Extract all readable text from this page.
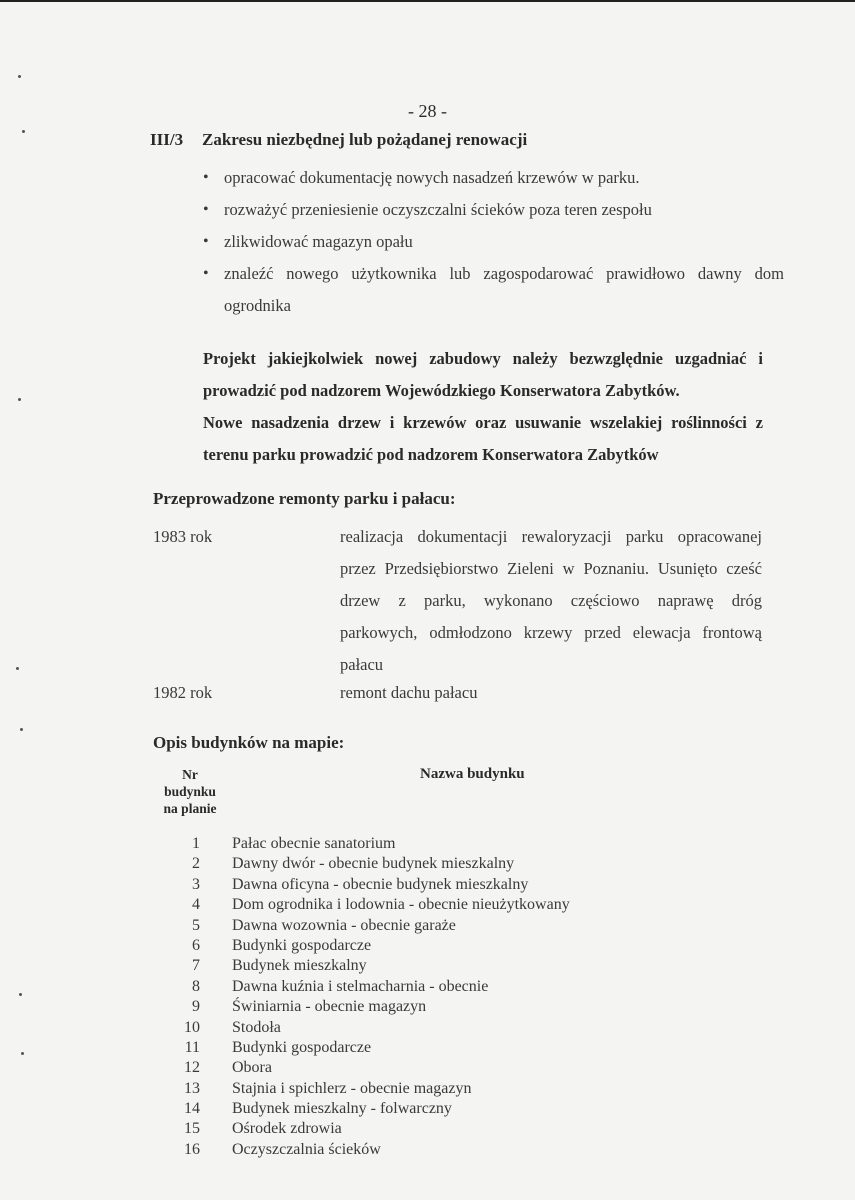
- 28 -
III/3 Zakresu niezbędnej lub pożądanej renowacji
• opracować dokumentację nowych nasadzeń krzewów w parku.
• rozważyć przeniesienie oczyszczalni ścieków poza teren zespołu
• zlikwidować magazyn opału
• znaleźć nowego użytkownika lub zagospodarować prawidłowo dawny dom ogrodnika

Projekt jakiejkolwiek nowej zabudowy należy bezwzględnie uzgadniać i

prowadzić pod nadzorem Wojewódzkiego Konserwatora Zabytków.

Nowe nasadzenia drzew i krzewów oraz usuwanie wszelakiej roślinności z

terenu parku prowadzić pod nadzorem Konserwatora Zabytków

Przeprowadzone remonty parku i pałacu:
1983 rok	realizacja dokumentacji rewaloryzacji parku opracowanej
przez Przedsiębiorstwo Zieleni w Poznaniu. Usunięto cześć
drzew z parku, wykonano częściowo naprawę dróg
parkowych, odmłodzono krzewy przed elewacja frontową
pałacu
1982 rok	remont dachu pałacu
Opis budynków na mapie:
Nr
budynku
na planie
Nazwa budynku
1 Pałac obecnie sanatorium
2 Dawny dwór - obecnie budynek mieszkalny
3 Dawna oficyna - obecnie budynek mieszkalny
4 Dom ogrodnika i lodownia - obecnie nieużytkowany
5 Dawna wozownia - obecnie garaże
6 Budynki gospodarcze
7 Budynek mieszkalny
8 Dawna kuźnia i stelmacharnia - obecnie
9 Świniarnia - obecnie magazyn
10 Stodoła
11 Budynki gospodarcze
12 Obora
13 Stajnia i spichlerz - obecnie magazyn
14 Budynek mieszkalny - folwarczny
15 Ośrodek zdrowia
16 Oczyszczalnia ścieków
